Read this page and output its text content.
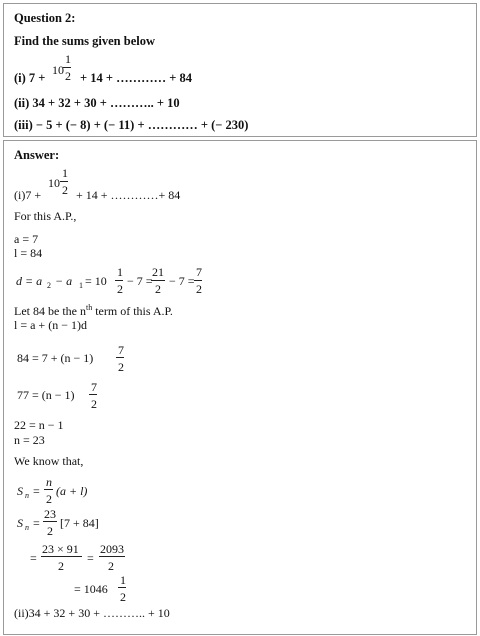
Question 2:
Find the sums given below
(i) 7 +
10
1
2 + 14 + ………… + 84
(ii) 34 + 32 + 30 + ……….. + 10
(iii) − 5 + (− 8) + (− 11) + ………… + (− 230)
Answer:
(i)7 +
10
1
2 + 14 + …………+ 84
For this A.P.,
a = 7
l = 84
d = a 2 − a 1 = 10
1
2
− 7 =
21
2
− 7 =
7
2
Let 84 be the $n^{th}$ term of this A.P.
l = a + (n − 1)d
84 = 7 + (n − 1)
7
2
77 = (n − 1)
7
2
22 = n − 1
n = 23
We know that,
S n =
n
2
(a + l)
S n =
23
2
[7 + 84]
=
23 × 91
2
=
2093
2
= 1046
1
2
(ii)34 + 32 + 30 + ……….. + 10
